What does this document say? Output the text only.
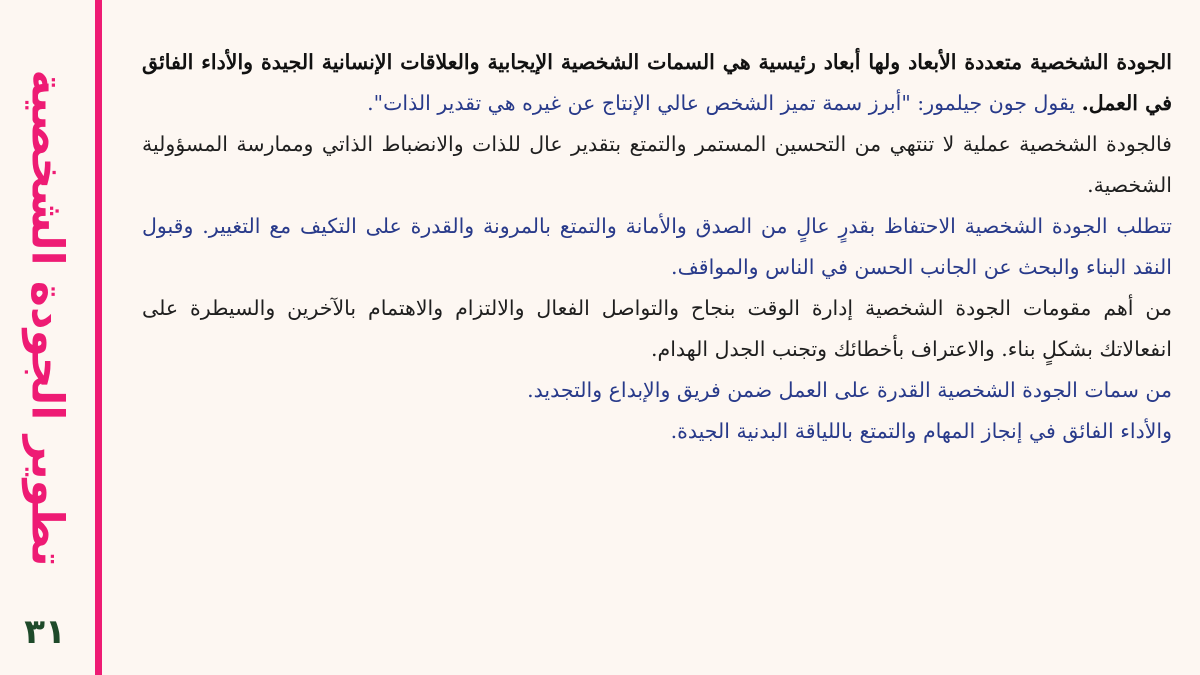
تطوير الجودة الشخصية
٣١

الجودة الشخصية متعددة الأبعاد ولها أبعاد رئيسية هي السمات الشخصية الإيجابية والعلاقات الإنسانية الجيدة والأداء الفائق في العمل. يقول جون جيلمور: "أبرز سمة تميز الشخص عالي الإنتاج عن غيره هي تقدير الذات".

فالجودة الشخصية عملية لا تنتهي من التحسين المستمر والتمتع بتقدير عال للذات والانضباط الذاتي وممارسة المسؤولية الشخصية.

تتطلب الجودة الشخصية الاحتفاظ بقدرٍ عالٍ من الصدق والأمانة والتمتع بالمرونة والقدرة على التكيف مع التغيير. وقبول النقد البناء والبحث عن الجانب الحسن في الناس والمواقف.

من أهم مقومات الجودة الشخصية إدارة الوقت بنجاح والتواصل الفعال والالتزام والاهتمام بالآخرين والسيطرة على انفعالاتك بشكلٍ بناء. والاعتراف بأخطائك وتجنب الجدل الهدام.

من سمات الجودة الشخصية القدرة على العمل ضمن فريق والإبداع والتجديد.

والأداء الفائق في إنجاز المهام والتمتع باللياقة البدنية الجيدة.
